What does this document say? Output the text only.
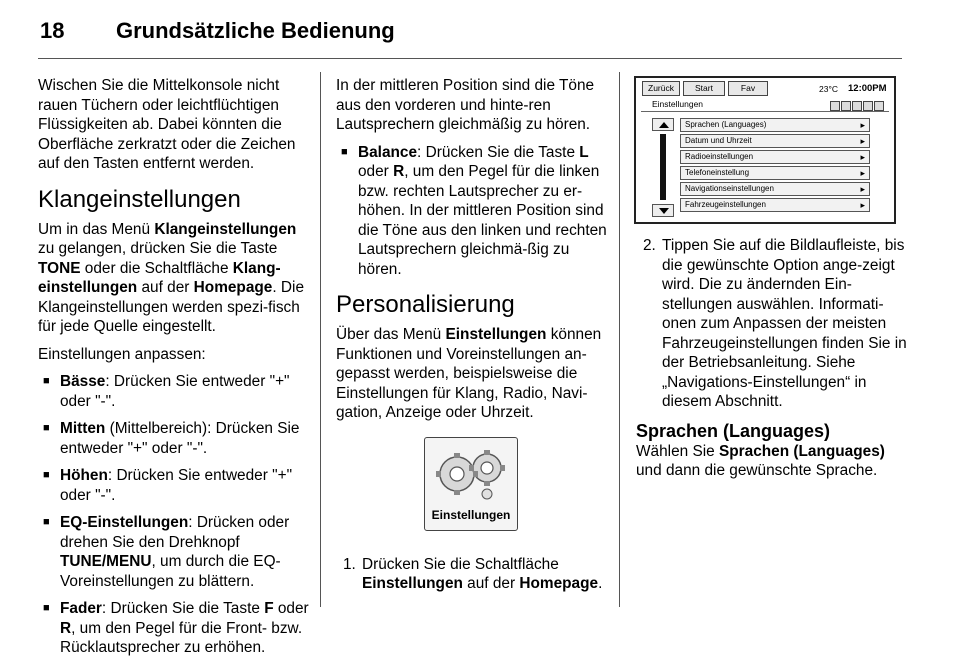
18 Grundsätzliche Bedienung

Wischen Sie die Mittelkonsole nicht rauen Tüchern oder leichtflüchtigen Flüssigkeiten ab. Dabei könnten die Oberfläche zerkratzt oder die Zeichen auf den Tasten entfernt werden.

Klangeinstellungen

Um in das Menü Klangeinstellungen zu gelangen, drücken Sie die Taste TONE oder die Schaltfläche Klang-einstellungen auf der Homepage. Die Klangeinstellungen werden spezi-fisch für jede Quelle eingestellt.

Einstellungen anpassen:

■ Bässe: Drücken Sie entweder "+" oder "-".
■ Mitten (Mittelbereich): Drücken Sie entweder "+" oder "-".
■ Höhen: Drücken Sie entweder "+" oder "-".
■ EQ-Einstellungen: Drücken oder drehen Sie den Drehknopf TUNE/MENU, um durch die EQ-Voreinstellungen zu blättern.
■ Fader: Drücken Sie die Taste F oder R, um den Pegel für die Front- bzw. Rücklautsprecher zu erhöhen.

In der mittleren Position sind die Töne aus den vorderen und hinte-ren Lautsprechern gleichmäßig zu hören.

■ Balance: Drücken Sie die Taste L oder R, um den Pegel für die linken bzw. rechten Lautsprecher zu er-höhen. In der mittleren Position sind die Töne aus den linken und rechten Lautsprechern gleichmä-ßig zu hören.
Personalisierung

Über das Menü Einstellungen können Funktionen und Voreinstellungen an-gepasst werden, beispielsweise die Einstellungen für Klang, Radio, Navi-gation, Anzeige oder Uhrzeit.

Einstellungen
1. Drücken Sie die Schaltfläche Einstellungen auf der Homepage.
Zurück	Start	Fav	23°C 12:00PM
Einstellungen
Sprachen (Languages)	▸
Datum und Uhrzeit	▸
Radioeinstellungen	▸
Telefoneinstellung	▸
Navigationseinstellungen	▸
Fahrzeugeinstellungen	▸
2. Tippen Sie auf die Bildlaufleiste, bis die gewünschte Option ange-zeigt wird. Die zu ändernden Ein-stellungen auswählen. Informati-onen zum Anpassen der meisten Fahrzeugeinstellungen finden Sie in der Betriebsanleitung. Siehe „Navigations-Einstellungen“ in diesem Abschnitt.
Sprachen (Languages)

Wählen Sie Sprachen (Languages) und dann die gewünschte Sprache.
